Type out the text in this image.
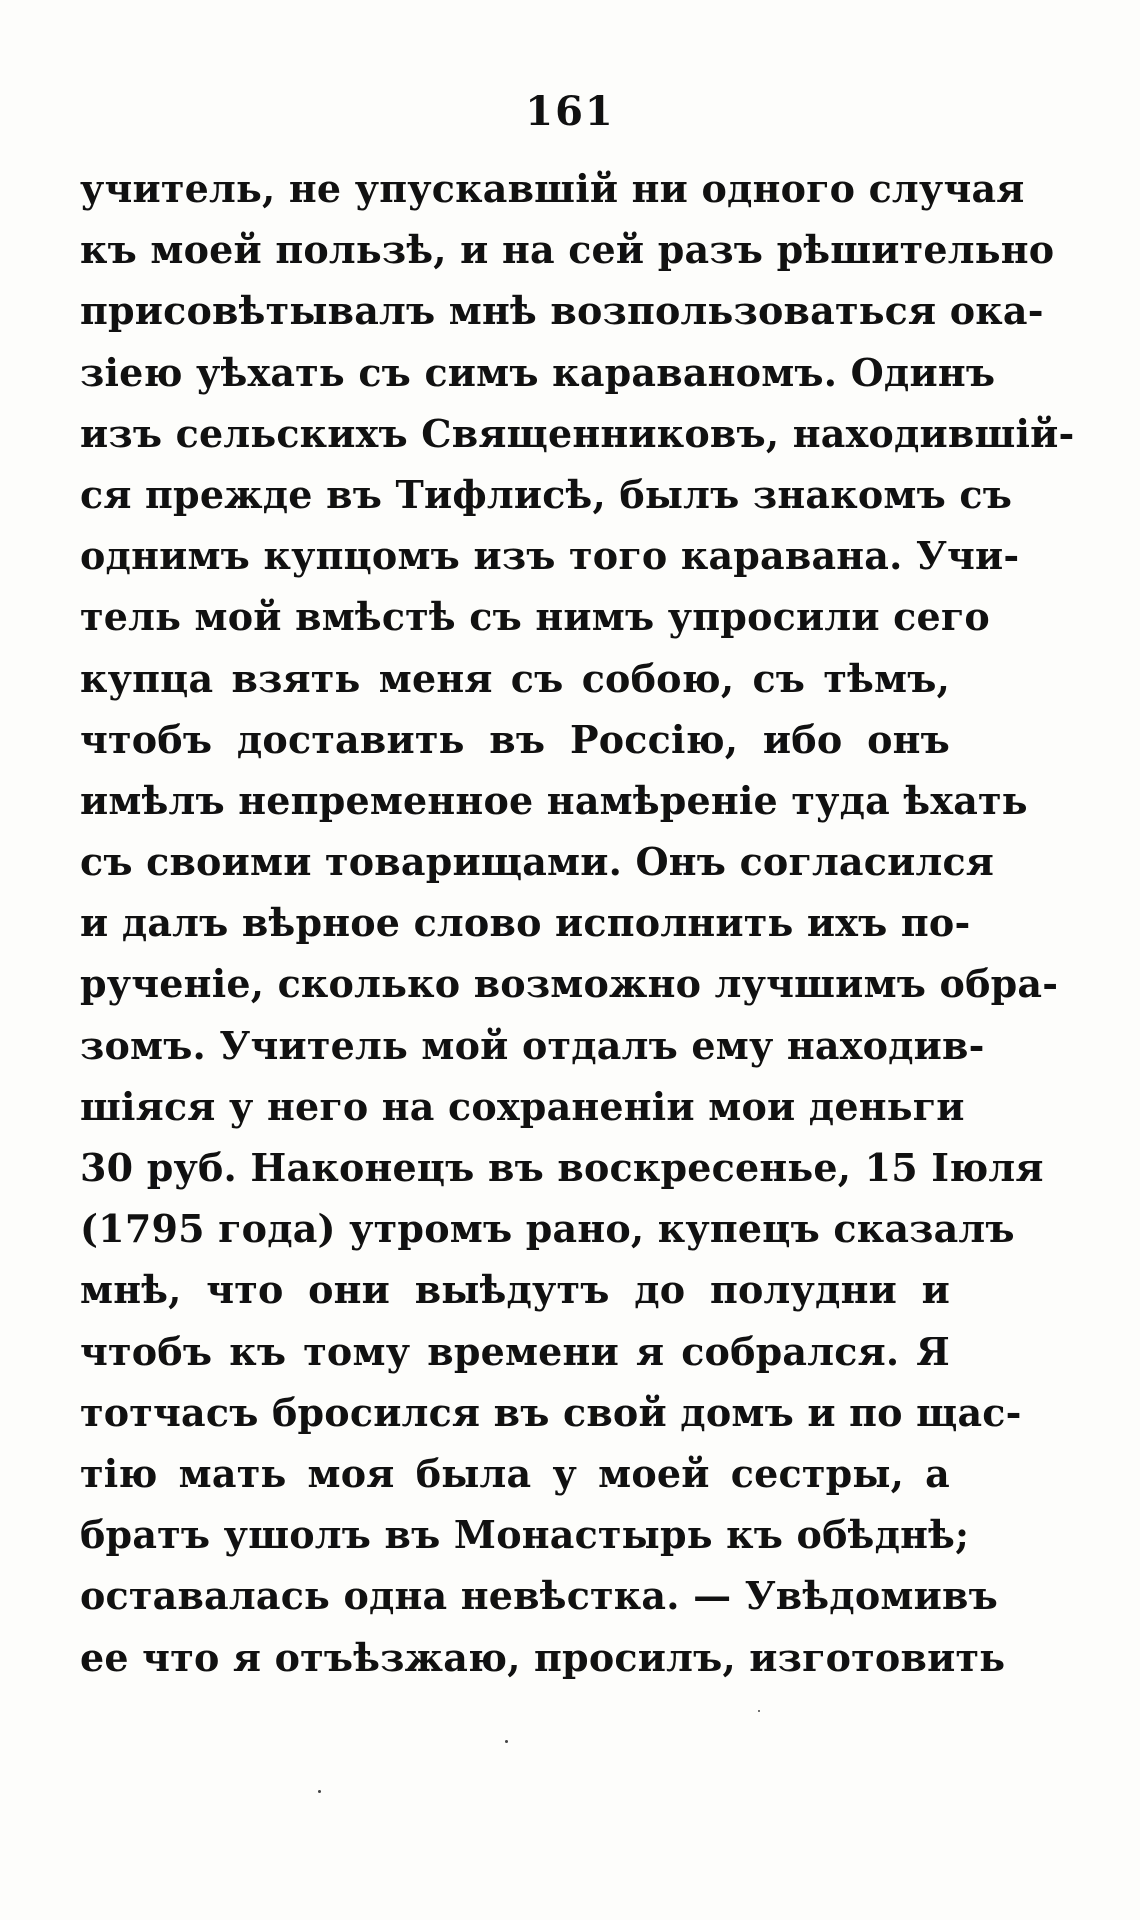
161
учитель, не упускавшій ни одного случая
къ моей пользѣ, и на сей разъ рѣшительно
присовѣтывалъ мнѣ возпользоваться ока-
зіею уѣхать съ симъ караваномъ. Одинъ
изъ сельскихъ Священниковъ, находившій-
ся прежде въ Тифлисѣ, былъ знакомъ съ
однимъ купцомъ изъ того каравана. Учи-
тель мой вмѣстѣ съ нимъ упросили сего
купца взять меня съ собою, съ тѣмъ,
чтобъ доставить въ Россію, ибо онъ
имѣлъ непременное намѣреніе туда ѣхать
съ своими товарищами. Онъ согласился
и далъ вѣрное слово исполнить ихъ по-
рученіе, сколько возможно лучшимъ обра-
зомъ. Учитель мой отдалъ ему находив-
шіяся у него на сохраненіи мои деньги
30 руб. Наконецъ въ воскресенье, 15 Іюля
(1795 года) утромъ рано, купецъ сказалъ
мнѣ, что они выѣдутъ до полудни и
чтобъ къ тому времени я собрался. Я
тотчасъ бросился въ свой домъ и по щас-
тію мать моя была у моей сестры, а
братъ ушолъ въ Монастырь къ обѣднѣ;
оставалась одна невѣстка. — Увѣдомивъ
ее что я отъѣзжаю, просилъ, изготовить
